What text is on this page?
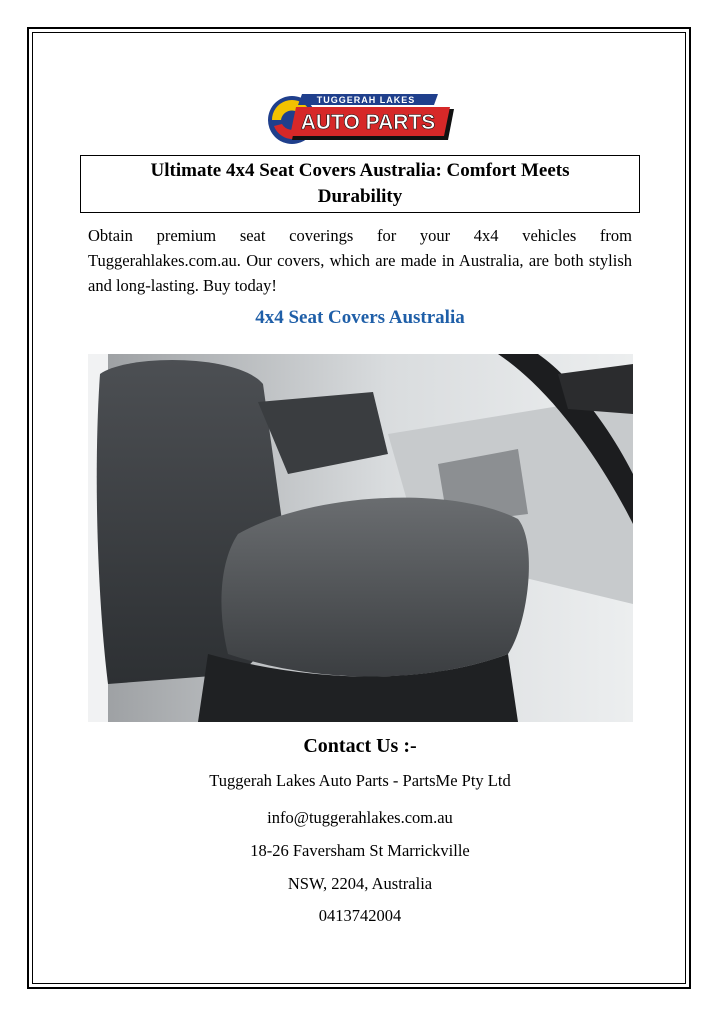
TUGGERAH LAKES
AUTO PARTS
Ultimate 4x4 Seat Covers Australia: Comfort Meets Durability

Obtain premium seat coverings for your 4x4 vehicles from Tuggerahlakes.com.au. Our covers, which are made in Australia, are both stylish and long-lasting. Buy today!

4x4 Seat Covers Australia
Contact Us :-

Tuggerah Lakes Auto Parts - PartsMe Pty Ltd

info@tuggerahlakes.com.au

18-26 Faversham St Marrickville

NSW, 2204, Australia

0413742004
